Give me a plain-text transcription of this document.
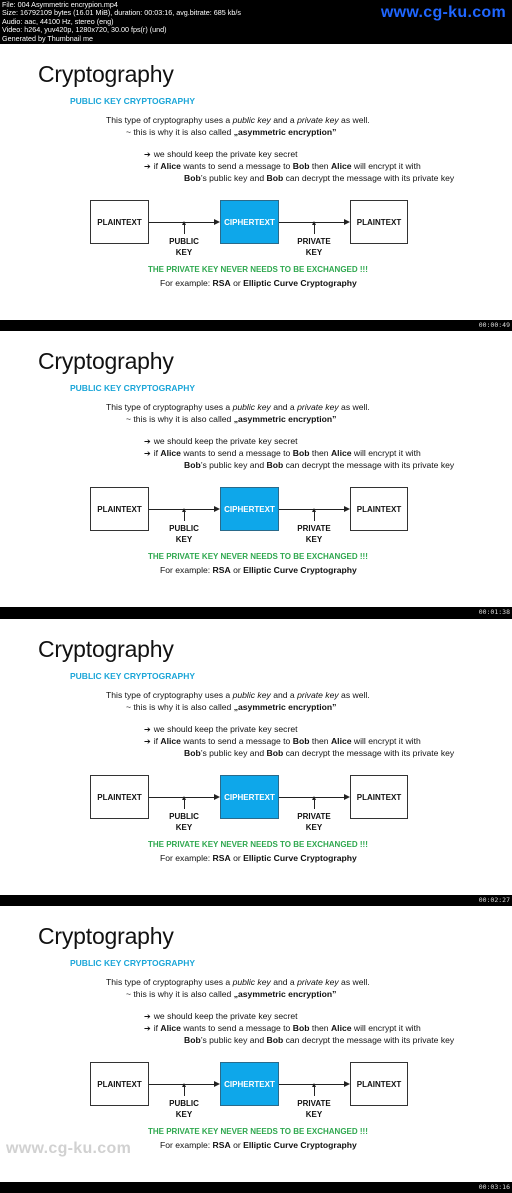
File: 004 Asymmetric encrypion.mp4
Size: 16792109 bytes (16.01 MiB), duration: 00:03:16, avg.bitrate: 685 kb/s
Audio: aac, 44100 Hz, stereo (eng)
Video: h264, yuv420p, 1280x720, 30.00 fps(r) (und)
Generated by Thumbnail me
www.cg-ku.com
Cryptography
PUBLIC KEY CRYPTOGRAPHY
This type of cryptography uses a public key and a private key as well.
~ this is why it is also called „asymmetric encryption”
➔ we should keep the private key secret
➔ if Alice wants to send a message to Bob then Alice will encrypt it with
Bob’s public key and Bob can decrypt the message with its private key
PLAINTEXT	CIPHERTEXT	PLAINTEXT
PUBLIC
KEY
PRIVATE
KEY
THE PRIVATE KEY NEVER NEEDS TO BE EXCHANGED !!!
For example: RSA or Elliptic Curve Cryptography
00:00:49
Cryptography
PUBLIC KEY CRYPTOGRAPHY
This type of cryptography uses a public key and a private key as well.
~ this is why it is also called „asymmetric encryption”
➔ we should keep the private key secret
➔ if Alice wants to send a message to Bob then Alice will encrypt it with
Bob’s public key and Bob can decrypt the message with its private key
PLAINTEXT	CIPHERTEXT	PLAINTEXT
PUBLIC
KEY
PRIVATE
KEY
THE PRIVATE KEY NEVER NEEDS TO BE EXCHANGED !!!
For example: RSA or Elliptic Curve Cryptography
00:01:38
Cryptography
PUBLIC KEY CRYPTOGRAPHY
This type of cryptography uses a public key and a private key as well.
~ this is why it is also called „asymmetric encryption”
➔ we should keep the private key secret
➔ if Alice wants to send a message to Bob then Alice will encrypt it with
Bob’s public key and Bob can decrypt the message with its private key
PLAINTEXT	CIPHERTEXT	PLAINTEXT
PUBLIC
KEY
PRIVATE
KEY
THE PRIVATE KEY NEVER NEEDS TO BE EXCHANGED !!!
For example: RSA or Elliptic Curve Cryptography
00:02:27
Cryptography
PUBLIC KEY CRYPTOGRAPHY
This type of cryptography uses a public key and a private key as well.
~ this is why it is also called „asymmetric encryption”
➔ we should keep the private key secret
➔ if Alice wants to send a message to Bob then Alice will encrypt it with
Bob’s public key and Bob can decrypt the message with its private key
PLAINTEXT	CIPHERTEXT	PLAINTEXT
PUBLIC
KEY
PRIVATE
KEY
THE PRIVATE KEY NEVER NEEDS TO BE EXCHANGED !!!
For example: RSA or Elliptic Curve Cryptography
00:03:16
www.cg-ku.com
